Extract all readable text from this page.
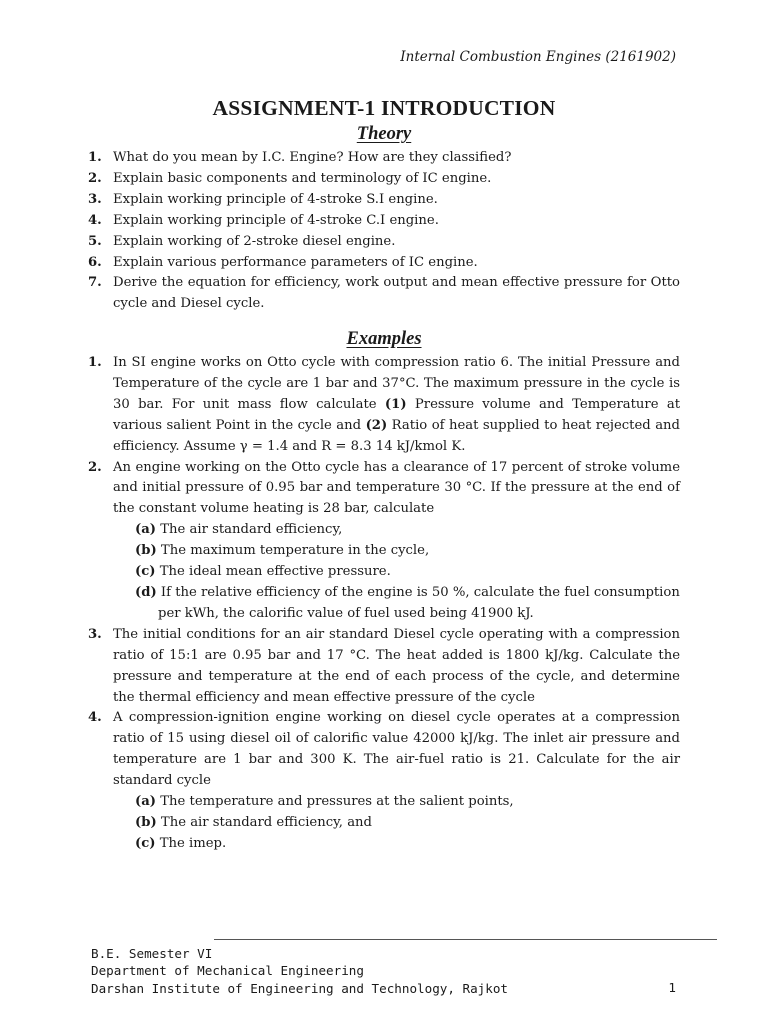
Internal Combustion Engines (2161902)
ASSIGNMENT-1 INTRODUCTION
Theory
1. What do you mean by I.C. Engine? How are they classified?
2. Explain basic components and terminology of IC engine.
3. Explain working principle of 4-stroke S.I engine.
4. Explain working principle of 4-stroke C.I engine.
5. Explain working of 2-stroke diesel engine.
6. Explain various performance parameters of IC engine.
7. Derive the equation for efficiency, work output and mean effective pressure for Otto cycle and Diesel cycle.
Examples
1. In SI engine works on Otto cycle with compression ratio 6. The initial Pressure and Temperature of the cycle are 1 bar and 37°C. The maximum pressure in the cycle is 30 bar. For unit mass flow calculate (1) Pressure volume and Temperature at various salient Point in the cycle and (2) Ratio of heat supplied to heat rejected and efficiency. Assume γ = 1.4 and R = 8.3 14 kJ/kmol K.
2. An engine working on the Otto cycle has a clearance of 17 percent of stroke volume and initial pressure of 0.95 bar and temperature 30 °C. If the pressure at the end of the constant volume heating is 28 bar, calculate
(a) The air standard efficiency,
(b) The maximum temperature in the cycle,
(c) The ideal mean effective pressure.
(d) If the relative efficiency of the engine is 50 %, calculate the fuel consumption per kWh, the calorific value of fuel used being 41900 kJ.
3. The initial conditions for an air standard Diesel cycle operating with a compression ratio of 15:1 are 0.95 bar and 17 °C. The heat added is 1800 kJ/kg. Calculate the pressure and temperature at the end of each process of the cycle, and determine the thermal efficiency and mean effective pressure of the cycle
4. A compression-ignition engine working on diesel cycle operates at a compression ratio of 15 using diesel oil of calorific value 42000 kJ/kg. The inlet air pressure and temperature are 1 bar and 300 K. The air-fuel ratio is 21. Calculate for the air standard cycle
(a) The temperature and pressures at the salient points,
(b) The air standard efficiency, and
(c) The imep.
B.E. Semester VI
Department of Mechanical Engineering
Darshan Institute of Engineering and Technology, Rajkot	1
